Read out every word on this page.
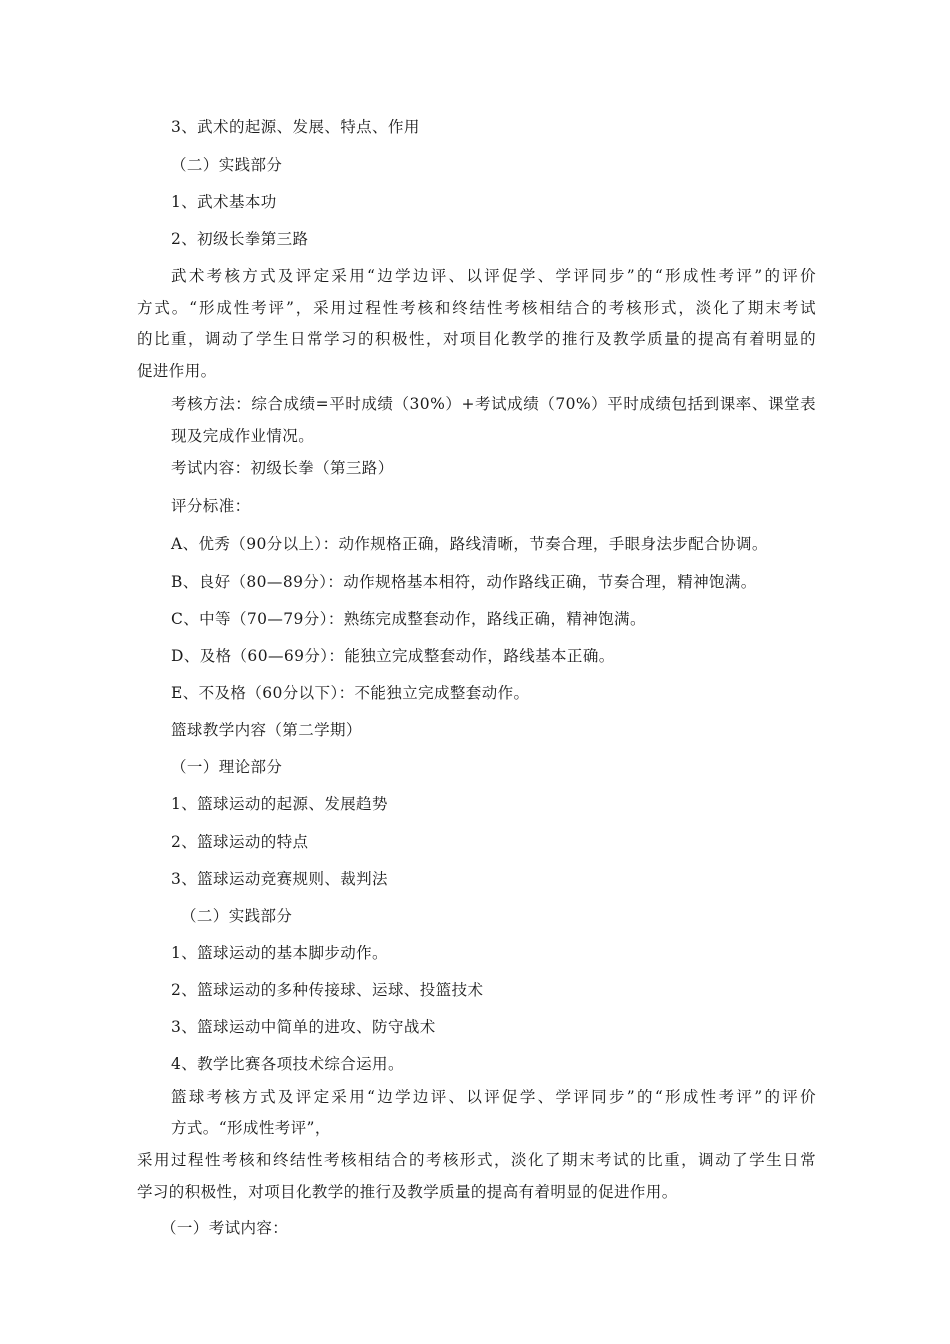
3、武术的起源、发展、特点、作用
（二）实践部分
1、武术基本功
2、初级长拳第三路
武术考核方式及评定采用“边学边评、以评促学、学评同步”的“形成性考评”的评价
方式。“形成性考评”，采用过程性考核和终结性考核相结合的考核形式，淡化了期末考试
的比重，调动了学生日常学习的积极性，对项目化教学的推行及教学质量的提高有着明显的
促进作用。
考核方法：综合成绩=平时成绩（30%）+考试成绩（70%）平时成绩包括到课率、课堂表
现及完成作业情况。
考试内容：初级长拳（第三路）
评分标准：
A、优秀（90分以上）：动作规格正确，路线清晰，节奏合理，手眼身法步配合协调。
B、良好（80—89分）：动作规格基本相符，动作路线正确，节奏合理，精神饱满。
C、中等（70—79分）：熟练完成整套动作，路线正确，精神饱满。
D、及格（60—69分）：能独立完成整套动作，路线基本正确。
E、不及格（60分以下）：不能独立完成整套动作。
篮球教学内容（第二学期）
（一）理论部分
1、篮球运动的起源、发展趋势
2、篮球运动的特点
3、篮球运动竞赛规则、裁判法
（二）实践部分
1、篮球运动的基本脚步动作。
2、篮球运动的多种传接球、运球、投篮技术
3、篮球运动中简单的进攻、防守战术
4、教学比赛各项技术综合运用。
篮球考核方式及评定采用“边学边评、以评促学、学评同步”的“形成性考评”的评价
方式。“形成性考评”，
采用过程性考核和终结性考核相结合的考核形式，淡化了期末考试的比重，调动了学生日常
学习的积极性，对项目化教学的推行及教学质量的提高有着明显的促进作用。
（一）考试内容：
